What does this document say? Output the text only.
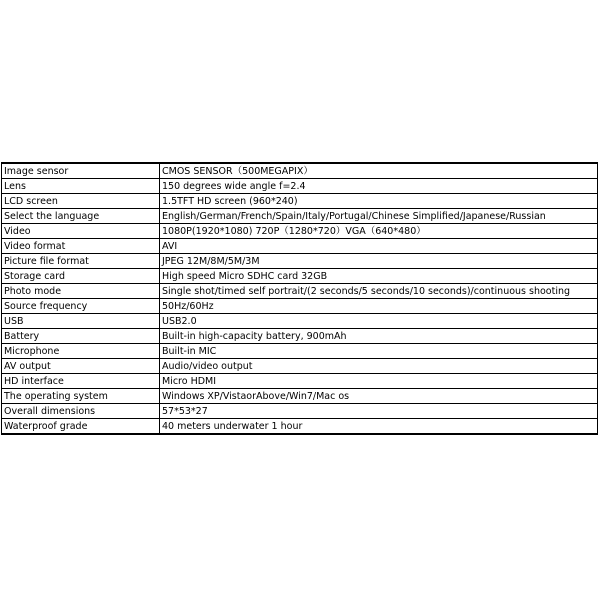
Image sensor	CMOS SENSOR（500MEGAPIX）
Lens	150 degrees wide angle f=2.4
LCD screen	1.5TFT HD screen (960*240)
Select the language	English/German/French/Spain/Italy/Portugal/Chinese Simplified/Japanese/Russian
Video	1080P(1920*1080) 720P（1280*720）VGA（640*480）
Video format	AVI
Picture file format	JPEG 12M/8M/5M/3M
Storage card	High speed Micro SDHC card 32GB
Photo mode	Single shot/timed self portrait/(2 seconds/5 seconds/10 seconds)/continuous shooting
Source frequency	50Hz/60Hz
USB	USB2.0
Battery	Built-in high-capacity battery, 900mAh
Microphone	Built-in MIC
AV output	Audio/video output
HD interface	Micro HDMI
The operating system	Windows XP/VistaorAbove/Win7/Mac os
Overall dimensions	57*53*27
Waterproof grade	40 meters underwater 1 hour
